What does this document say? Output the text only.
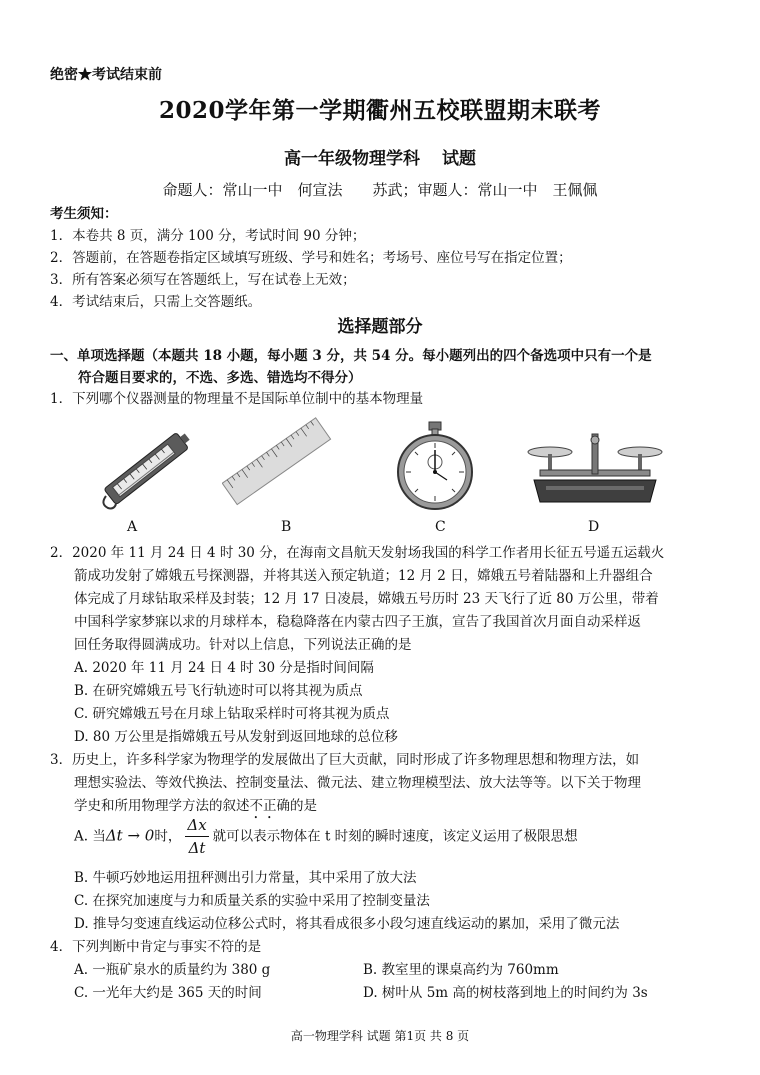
绝密★考试结束前
2020学年第一学期衢州五校联盟期末联考
高一年级物理学科 试题
命题人：常山一中　何宣法　　苏武；审题人：常山一中　王佩佩
考生须知：
1．本卷共 8 页，满分 100 分，考试时间 90 分钟；
2．答题前，在答题卷指定区域填写班级、学号和姓名；考场号、座位号写在指定位置；
3．所有答案必须写在答题纸上，写在试卷上无效；
4．考试结束后，只需上交答题纸。
选择题部分
一、单项选择题（本题共 18 小题，每小题 3 分，共 54 分。每小题列出的四个备选项中只有一个是
符合题目要求的，不选、多选、错选均不得分）
1．下列哪个仪器测量的物理量不是国际单位制中的基本物理量
A	B	C	D
2．2020 年 11 月 24 日 4 时 30 分，在海南文昌航天发射场我国的科学工作者用长征五号遥五运载火
箭成功发射了嫦娥五号探测器，并将其送入预定轨道；12 月 2 日，嫦娥五号着陆器和上升器组合
体完成了月球钻取采样及封装；12 月 17 日凌晨，嫦娥五号历时 23 天飞行了近 80 万公里，带着
中国科学家梦寐以求的月球样本，稳稳降落在内蒙古四子王旗，宣告了我国首次月面自动采样返
回任务取得圆满成功。针对以上信息，下列说法正确的是
A. 2020 年 11 月 24 日 4 时 30 分是指时间间隔
B. 在研究嫦娥五号飞行轨迹时可以将其视为质点
C. 研究嫦娥五号在月球上钻取采样时可将其视为质点
D. 80 万公里是指嫦娥五号从发射到返回地球的总位移
3．历史上，许多科学家为物理学的发展做出了巨大贡献，同时形成了许多物理思想和物理方法，如
理想实验法、等效代换法、控制变量法、微元法、建立物理模型法、放大法等等。以下关于物理
学史和所用物理学方法的叙述不正确的是
A. 当Δt → 0时， $\frac{\Delta x}{\Delta t}$ 就可以表示物体在 t 时刻的瞬时速度，该定义运用了极限思想
B. 牛顿巧妙地运用扭秤测出引力常量，其中采用了放大法
C. 在探究加速度与力和质量关系的实验中采用了控制变量法
D. 推导匀变速直线运动位移公式时，将其看成很多小段匀速直线运动的累加，采用了微元法
4．下列判断中肯定与事实不符的是
A. 一瓶矿泉水的质量约为 380 g	B. 教室里的课桌高约为 760mm
C. 一光年大约是 365 天的时间	D. 树叶从 5m 高的树枝落到地上的时间约为 3s
高一物理学科 试题 第1页 共 8 页
